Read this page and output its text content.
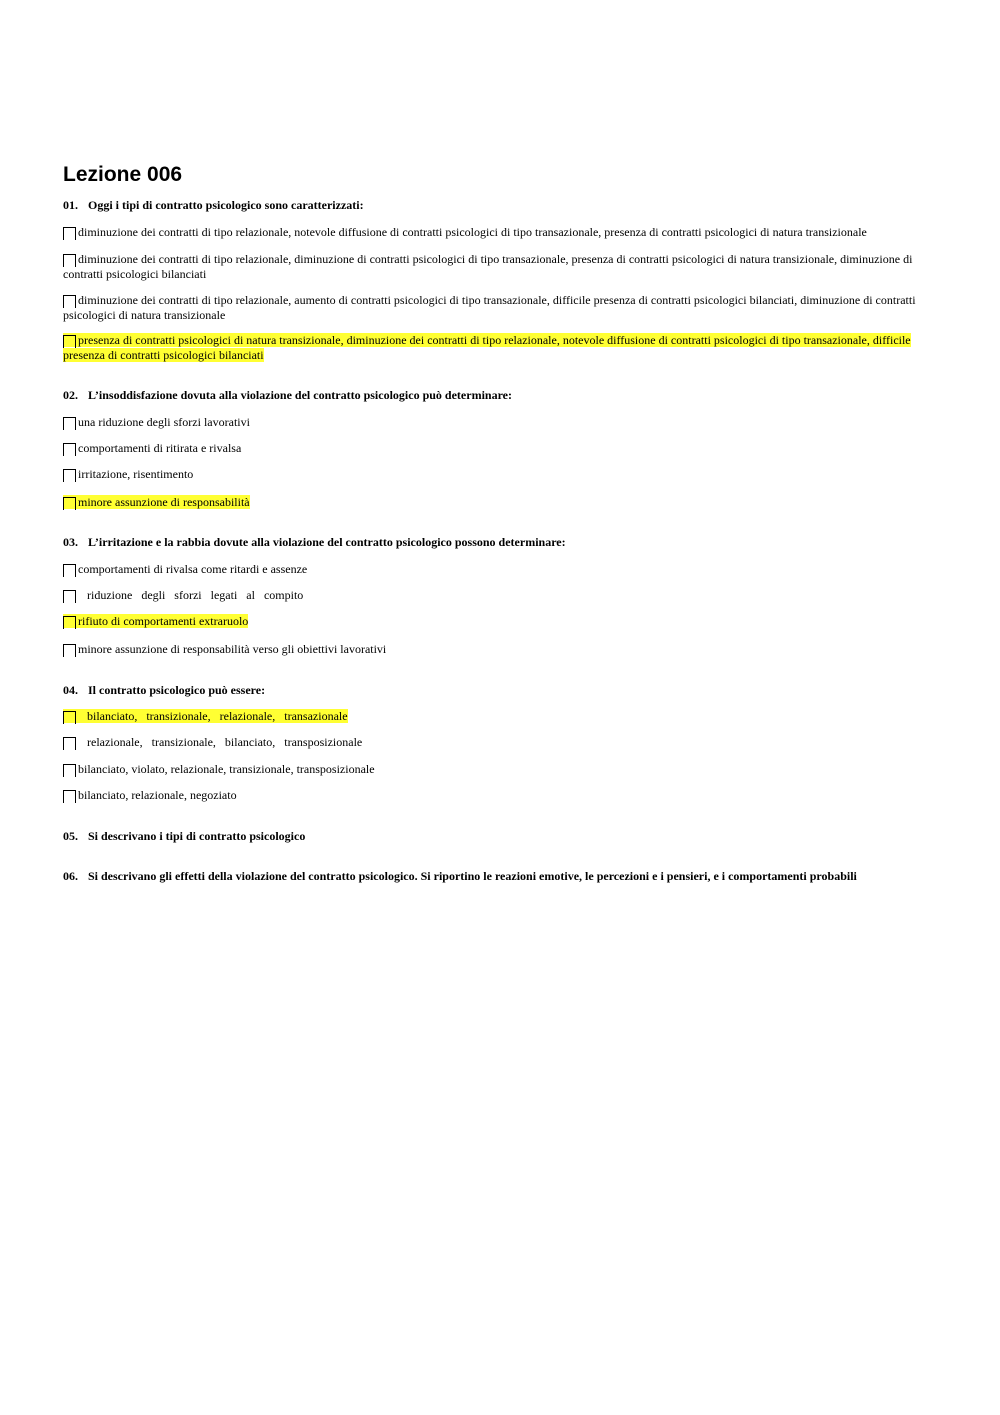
Lezione 006
01. Oggi i tipi di contratto psicologico sono caratterizzati:
diminuzione dei contratti di tipo relazionale, notevole diffusione di contratti psicologici di tipo transazionale, presenza di contratti psicologici di natura transizionale
diminuzione dei contratti di tipo relazionale, diminuzione di contratti psicologici di tipo transazionale, presenza di contratti psicologici di natura transizionale, diminuzione di contratti psicologici bilanciati
diminuzione dei contratti di tipo relazionale, aumento di contratti psicologici di tipo transazionale, difficile presenza di contratti psicologici bilanciati, diminuzione di contratti psicologici di natura transizionale
presenza di contratti psicologici di natura transizionale, diminuzione dei contratti di tipo relazionale, notevole diffusione di contratti psicologici di tipo transazionale, difficile presenza di contratti psicologici bilanciati
02. L’insoddisfazione dovuta alla violazione del contratto psicologico può determinare:
una riduzione degli sforzi lavorativi
comportamenti di ritirata e rivalsa
irritazione, risentimento
minore assunzione di responsabilità
03. L’irritazione e la rabbia dovute alla violazione del contratto psicologico possono determinare:
comportamenti di rivalsa come ritardi e assenze
riduzione degli sforzi legati al compito
rifiuto di comportamenti extraruolo
minore assunzione di responsabilità verso gli obiettivi lavorativi
04. Il contratto psicologico può essere:
bilanciato, transizionale, relazionale, transazionale
relazionale, transizionale, bilanciato, transposizionale
bilanciato, violato, relazionale, transizionale, transposizionale
bilanciato, relazionale, negoziato
05. Si descrivano i tipi di contratto psicologico
06. Si descrivano gli effetti della violazione del contratto psicologico. Si riportino le reazioni emotive, le percezioni e i pensieri, e i comportamenti probabili
